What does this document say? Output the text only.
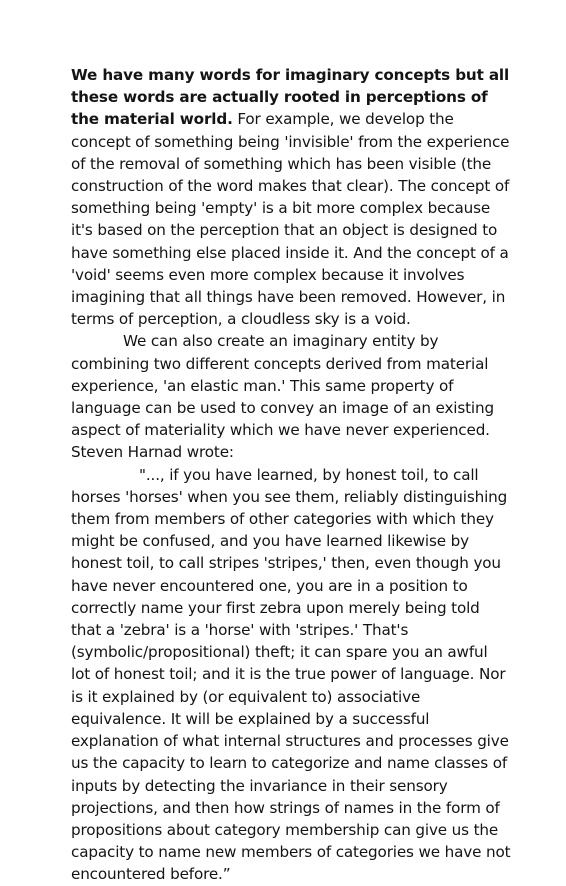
We have many words for imaginary concepts but all these words are actually rooted in perceptions of the material world. For example, we develop the concept of something being 'invisible' from the experience of the removal of something which has been visible (the construction of the word makes that clear). The concept of something being 'empty' is a bit more complex because it's based on the perception that an object is designed to have something else placed inside it. And the concept of a 'void' seems even more complex because it involves imagining that all things have been removed. However, in terms of perception, a cloudless sky is a void.

We can also create an imaginary entity by combining two different concepts derived from material experience, 'an elastic man.' This same property of language can be used to convey an image of an existing aspect of materiality which we have never experienced. Steven Harnad wrote:

"..., if you have learned, by honest toil, to call horses 'horses' when you see them, reliably distinguishing them from members of other categories with which they might be confused, and you have learned likewise by honest toil, to call stripes 'stripes,' then, even though you have never encountered one, you are in a position to correctly name your first zebra upon merely being told that a 'zebra' is a 'horse' with 'stripes.' That's (symbolic/propositional) theft; it can spare you an awful lot of honest toil; and it is the true power of language. Nor is it explained by (or equivalent to) associative equivalence. It will be explained by a successful explanation of what internal structures and processes give us the capacity to learn to categorize and name classes of inputs by detecting the invariance in their sensory projections, and then how strings of names in the form of propositions about category membership can give us the capacity to name new members of categories we have not encountered before.”
